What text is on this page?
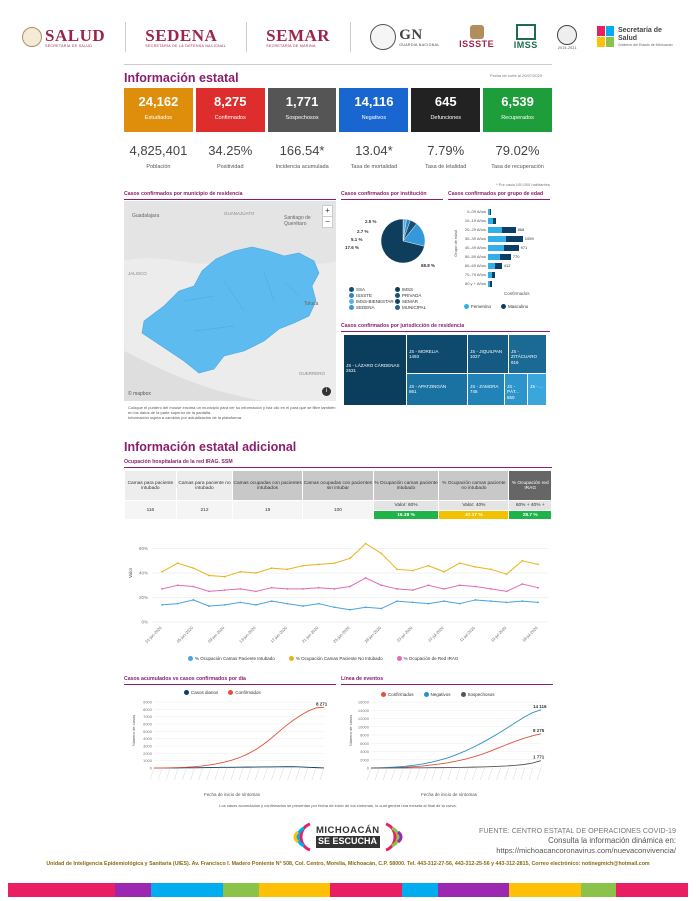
SALUD
SECRETARÍA DE SALUD
SEDENA
SECRETARÍA DE LA DEFENSA NACIONAL
SEMAR
SECRETARÍA DE MARINA
GN
GUARDIA NACIONAL ISSSTE IMSS	2015-2021
Secretaría de Salud
Gobierno del Estado de Michoacán
Información estatal	Fecha de corte al 20/07/2020
24,162
Estudiados
8,275
Confirmados
1,771
Sospechosos
14,116
Negativos
645
Defunciones
6,539
Recuperados
4,825,401
Población
34.25%
Positividad
166.54*
Incidencia acumulada
13.04*
Tasa de mortalidad
7.79%
Tasa de letalidad
79.02%
Tasa de recuperación
* Por cada 100,000 habitantes
Casos confirmados por municipio de residencia
Guadalajara	GUANAJUATO
Santiago de Querétaro
JALISCO
Toluca
GUERRERO
+
−
© mapbox	i
Coloque el puntero del mouse encima un municipio para ver su información y haz clic en el para que se filtre también en los datos de la parte superior de la pantalla.
Información sujeta a cambios por actualización de la plataforma.
Casos confirmados por institución
2.5 %
2.7 %
5.1 %
17.6 %
68.8 %
SSA	IMSS
ISSSTE	PRIVADA
IMSS-BIENESTAR SEMAR
SEDENA	MUNICIPAL
Casos confirmados por grupo de edad
Grupo de edad
0–09 Años
10–19 Años
20–29 Años	868
30–39 Años	1059
40–49 Años	971
50–59 Años	770
60–69 Años	412
70–79 Años
80 y + Años
Confirmados
Femenino	Masculino
Casos confirmados por jurisdicción de residencia
JS - LÁZARO CÁRDENAS
2531
JS - MORELIA
1493
JS - JIQUILPAN
1027
JS - ZITÁCUARO
916
JS - APATZINGÁN
861
JS - ZAMORA
745
JS - PÁT...
550
JS - ...
Información estatal adicional
Ocupación hospitalaria de la red IRAG. SSM
Camas para paciente intubado	Camas para paciente no intubado	Camas ocupadas con pacientes intubados	Camas ocupadas con pacientes sin intubar	% Ocupación camas paciente intubado	% Ocupación camas paciente no intubado	% Ocupación red IRAG
116	212	19	100	Valor: 60%	Valor: 40%	60% + 40% +
				16.38 %	47.17 %	28.7 %
0%
20%
40%
60%
Valor
01-jun-2020	05-jun-2020	09-jun-2020	13-jun-2020	17-jun-2020	21-jun-2020	25-jun-2020	29-jun-2020	03-jul-2020	07-jul-2020	11-jul-2020	15-jul-2020	19-jul-2020
% Ocupación Camas Paciente Intubado	% Ocupación Camas Paciente No Intubado	% Ocupación de Red IRAG
Casos acumulados vs casos confirmados por día
Casos diarios	Confirmados
0
1000
2000
3000
4000
5000
6000
7000
8000
9000	8 271
Número de casos
Fecha de inicio de síntomas
Línea de eventos
Confirmados	Negativos	Sospechosos
0
2000
4000
6000
8000
10000
12000
14000
16000
14 116
8 275
1 771
Número de casos
Fecha de inicio de síntomas
Los casos acumulados y confirmados se presentan por fecha de inicio de los síntomas, lo cual genera una meseta al final de la curva.
MICHOACÁN
SE ESCUCHA
FUENTE: CENTRO ESTATAL DE OPERACIONES COVID-19
Consulta la información dinámica en:
https://michoacancoronavirus.com/nuevaconvivencia/
Unidad de Inteligencia Epidemiológica y Sanitaria (UIES). Av. Francisco I. Madero Poniente N° 508, Col. Centro, Morelia, Michoacán, C.P. 58000. Tel. 443-312-27-56, 443-312-25-56 y 443-312-2815, Correo electrónico: notinegmich@hotmail.com
